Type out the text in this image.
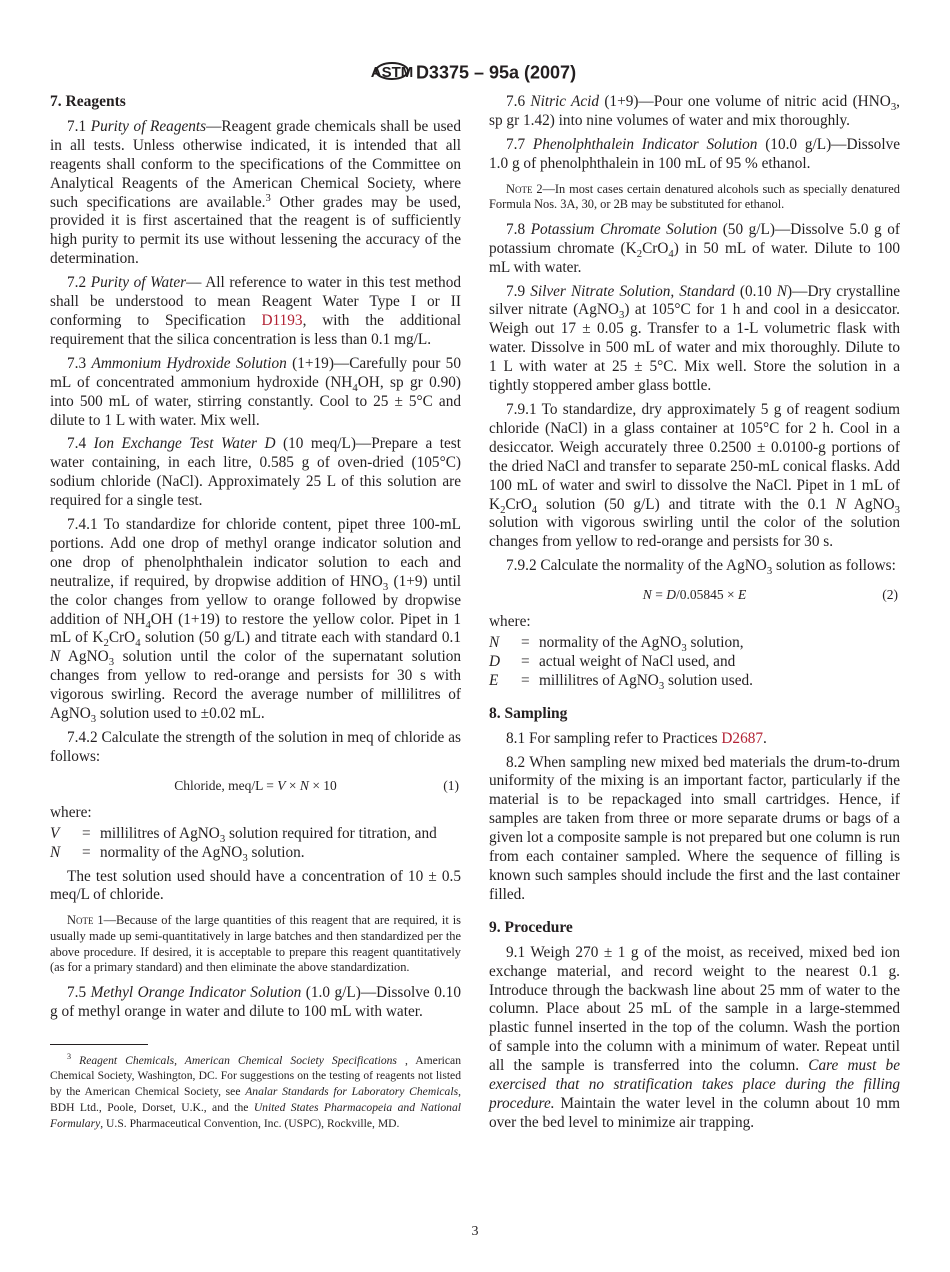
ASTM D3375 – 95a (2007)
7. Reagents

7.1 Purity of Reagents—Reagent grade chemicals shall be used in all tests. Unless otherwise indicated, it is intended that all reagents shall conform to the specifications of the Committee on Analytical Reagents of the American Chemical Society, where such specifications are available.$^3$ Other grades may be used, provided it is first ascertained that the reagent is of sufficiently high purity to permit its use without lessening the accuracy of the determination.

7.2 Purity of Water— All reference to water in this test method shall be understood to mean Reagent Water Type I or II conforming to Specification D1193, with the additional requirement that the silica concentration is less than 0.1 mg/L.

7.3 Ammonium Hydroxide Solution (1+19)—Carefully pour 50 mL of concentrated ammonium hydroxide ($NH_4OH$, sp gr 0.90) into 500 mL of water, stirring constantly. Cool to 25 ± 5°C and dilute to 1 L with water. Mix well.

7.4 Ion Exchange Test Water D (10 meq/L)—Prepare a test water containing, in each litre, 0.585 g of oven-dried (105°C) sodium chloride (NaCl). Approximately 25 L of this solution are required for a single test.

7.4.1 To standardize for chloride content, pipet three 100-mL portions. Add one drop of methyl orange indicator solution and one drop of phenolphthalein indicator solution to each and neutralize, if required, by dropwise addition of $HNO_3$ (1+9) until the color changes from yellow to orange followed by dropwise addition of $NH_4OH$ (1+19) to restore the yellow color. Pipet in 1 mL of $K_2CrO_4$ solution (50 g/L) and titrate each with standard 0.1 N AgNO$_3$ solution until the color of the supernatant solution changes from yellow to red-orange and persists for 30 s with vigorous swirling. Record the average number of millilitres of AgNO$_3$ solution used to ±0.02 mL.

7.4.2 Calculate the strength of the solution in meq of chloride as follows:

Chloride, meq/L = V × N × 10	(1)
where:
V	= millilitres of AgNO$_3$ solution required for titration, and
N	= normality of the AgNO$_3$ solution.

The test solution used should have a concentration of 10 ± 0.5 meq/L of chloride.

Note 1—Because of the large quantities of this reagent that are required, it is usually made up semi-quantitatively in large batches and then standardized per the above procedure. If desired, it is acceptable to prepare this reagent quantitatively (as for a primary standard) and then eliminate the above standardization.

7.5 Methyl Orange Indicator Solution (1.0 g/L)—Dissolve 0.10 g of methyl orange in water and dilute to 100 mL with water.

$^3$ Reagent Chemicals, American Chemical Society Specifications , American Chemical Society, Washington, DC. For suggestions on the testing of reagents not listed by the American Chemical Society, see Analar Standards for Laboratory Chemicals, BDH Ltd., Poole, Dorset, U.K., and the United States Pharmacopeia and National Formulary, U.S. Pharmaceutical Convention, Inc. (USPC), Rockville, MD.

7.6 Nitric Acid (1+9)—Pour one volume of nitric acid ($HNO_3$, sp gr 1.42) into nine volumes of water and mix thoroughly.

7.7 Phenolphthalein Indicator Solution (10.0 g/L)—Dissolve 1.0 g of phenolphthalein in 100 mL of 95 % ethanol.

Note 2—In most cases certain denatured alcohols such as specially denatured Formula Nos. 3A, 30, or 2B may be substituted for ethanol.

7.8 Potassium Chromate Solution (50 g/L)—Dissolve 5.0 g of potassium chromate $(K_2CrO_4)$ in 50 mL of water. Dilute to 100 mL with water.

7.9 Silver Nitrate Solution, Standard (0.10 N)—Dry crystalline silver nitrate (AgNO$_3$) at 105°C for 1 h and cool in a desiccator. Weigh out 17 ± 0.05 g. Transfer to a 1-L volumetric flask with water. Dissolve in 500 mL of water and mix thoroughly. Dilute to 1 L with water at 25 ± 5°C. Mix well. Store the solution in a tightly stoppered amber glass bottle.

7.9.1 To standardize, dry approximately 5 g of reagent sodium chloride (NaCl) in a glass container at 105°C for 2 h. Cool in a desiccator. Weigh accurately three 0.2500 ± 0.0100-g portions of the dried NaCl and transfer to separate 250-mL conical flasks. Add 100 mL of water and swirl to dissolve the NaCl. Pipet in 1 mL of $K_2CrO_4$ solution (50 g/L) and titrate with the 0.1 N AgNO$_3$ solution with vigorous swirling until the color of the solution changes from yellow to red-orange and persists for 30 s.

7.9.2 Calculate the normality of the AgNO$_3$ solution as follows:

N = D/0.05845 × E	(2)
where:
N	= normality of the AgNO$_3$ solution,
D	= actual weight of NaCl used, and
E	= millilitres of AgNO$_3$ solution used.
8. Sampling

8.1 For sampling refer to Practices D2687.

8.2 When sampling new mixed bed materials the drum-to-drum uniformity of the mixing is an important factor, particularly if the material is to be repackaged into small cartridges. Hence, if samples are taken from three or more separate drums or bags of a given lot a composite sample is not prepared but one column is run from each container sampled. Where the sequence of filling is known such samples should include the first and the last container filled.

9. Procedure

9.1 Weigh 270 ± 1 g of the moist, as received, mixed bed ion exchange material, and record weight to the nearest 0.1 g. Introduce through the backwash line about 25 mm of water to the column. Place about 25 mL of the sample in a large-stemmed plastic funnel inserted in the top of the column. Wash the portion of sample into the column with a minimum of water. Repeat until all the sample is transferred into the column. Care must be exercised that no stratification takes place during the filling procedure. Maintain the water level in the column about 10 mm over the bed level to minimize air trapping.

3
